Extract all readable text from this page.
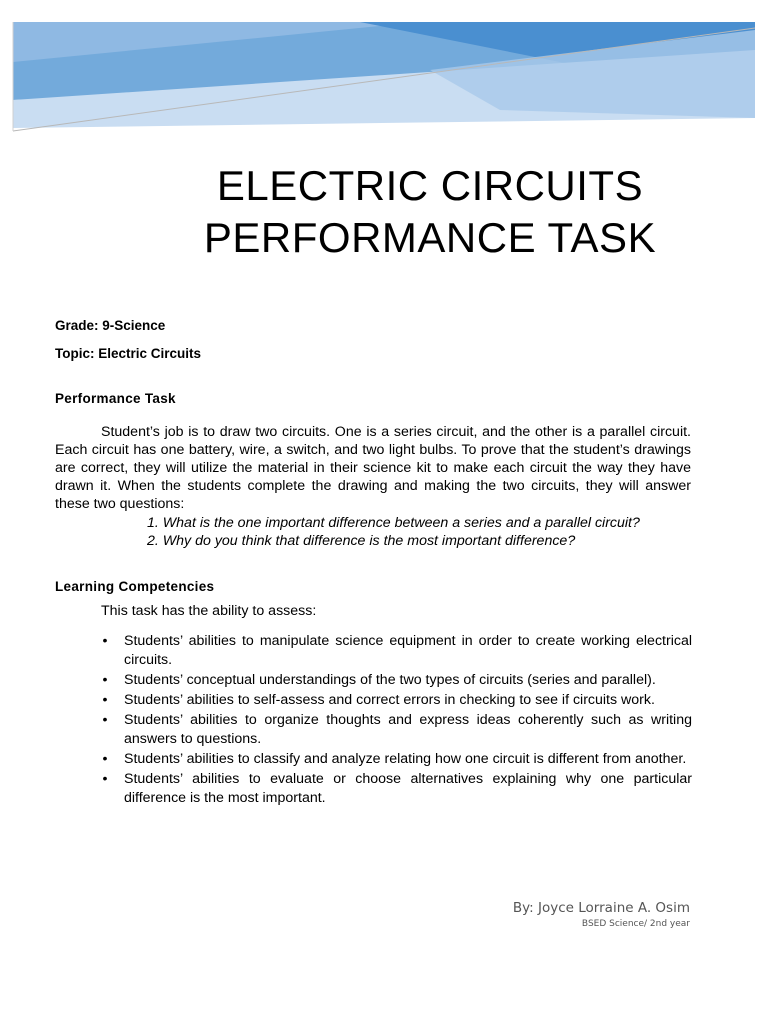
ELECTRIC CIRCUITS
PERFORMANCE TASK
Grade: 9-Science
Topic: Electric Circuits
Performance Task
Student’s job is to draw two circuits. One is a series circuit, and the other is a parallel circuit. Each circuit has one battery, wire, a switch, and two light bulbs. To prove that the student’s drawings are correct, they will utilize the material in their science kit to make each circuit the way they have drawn it. When the students complete the drawing and making the two circuits, they will answer these two questions:
1. What is the one important difference between a series and a parallel circuit?
2. Why do you think that difference is the most important difference?
Learning Competencies
This task has the ability to assess:
• Students’ abilities to manipulate science equipment in order to create working electrical circuits.
• Students’ conceptual understandings of the two types of circuits (series and parallel).
• Students’ abilities to self-assess and correct errors in checking to see if circuits work.
• Students’ abilities to organize thoughts and express ideas coherently such as writing answers to questions.
• Students’ abilities to classify and analyze relating how one circuit is different from another.
• Students’ abilities to evaluate or choose alternatives explaining why one particular difference is the most important.
By: Joyce Lorraine A. Osim
BSED Science/ 2nd year
